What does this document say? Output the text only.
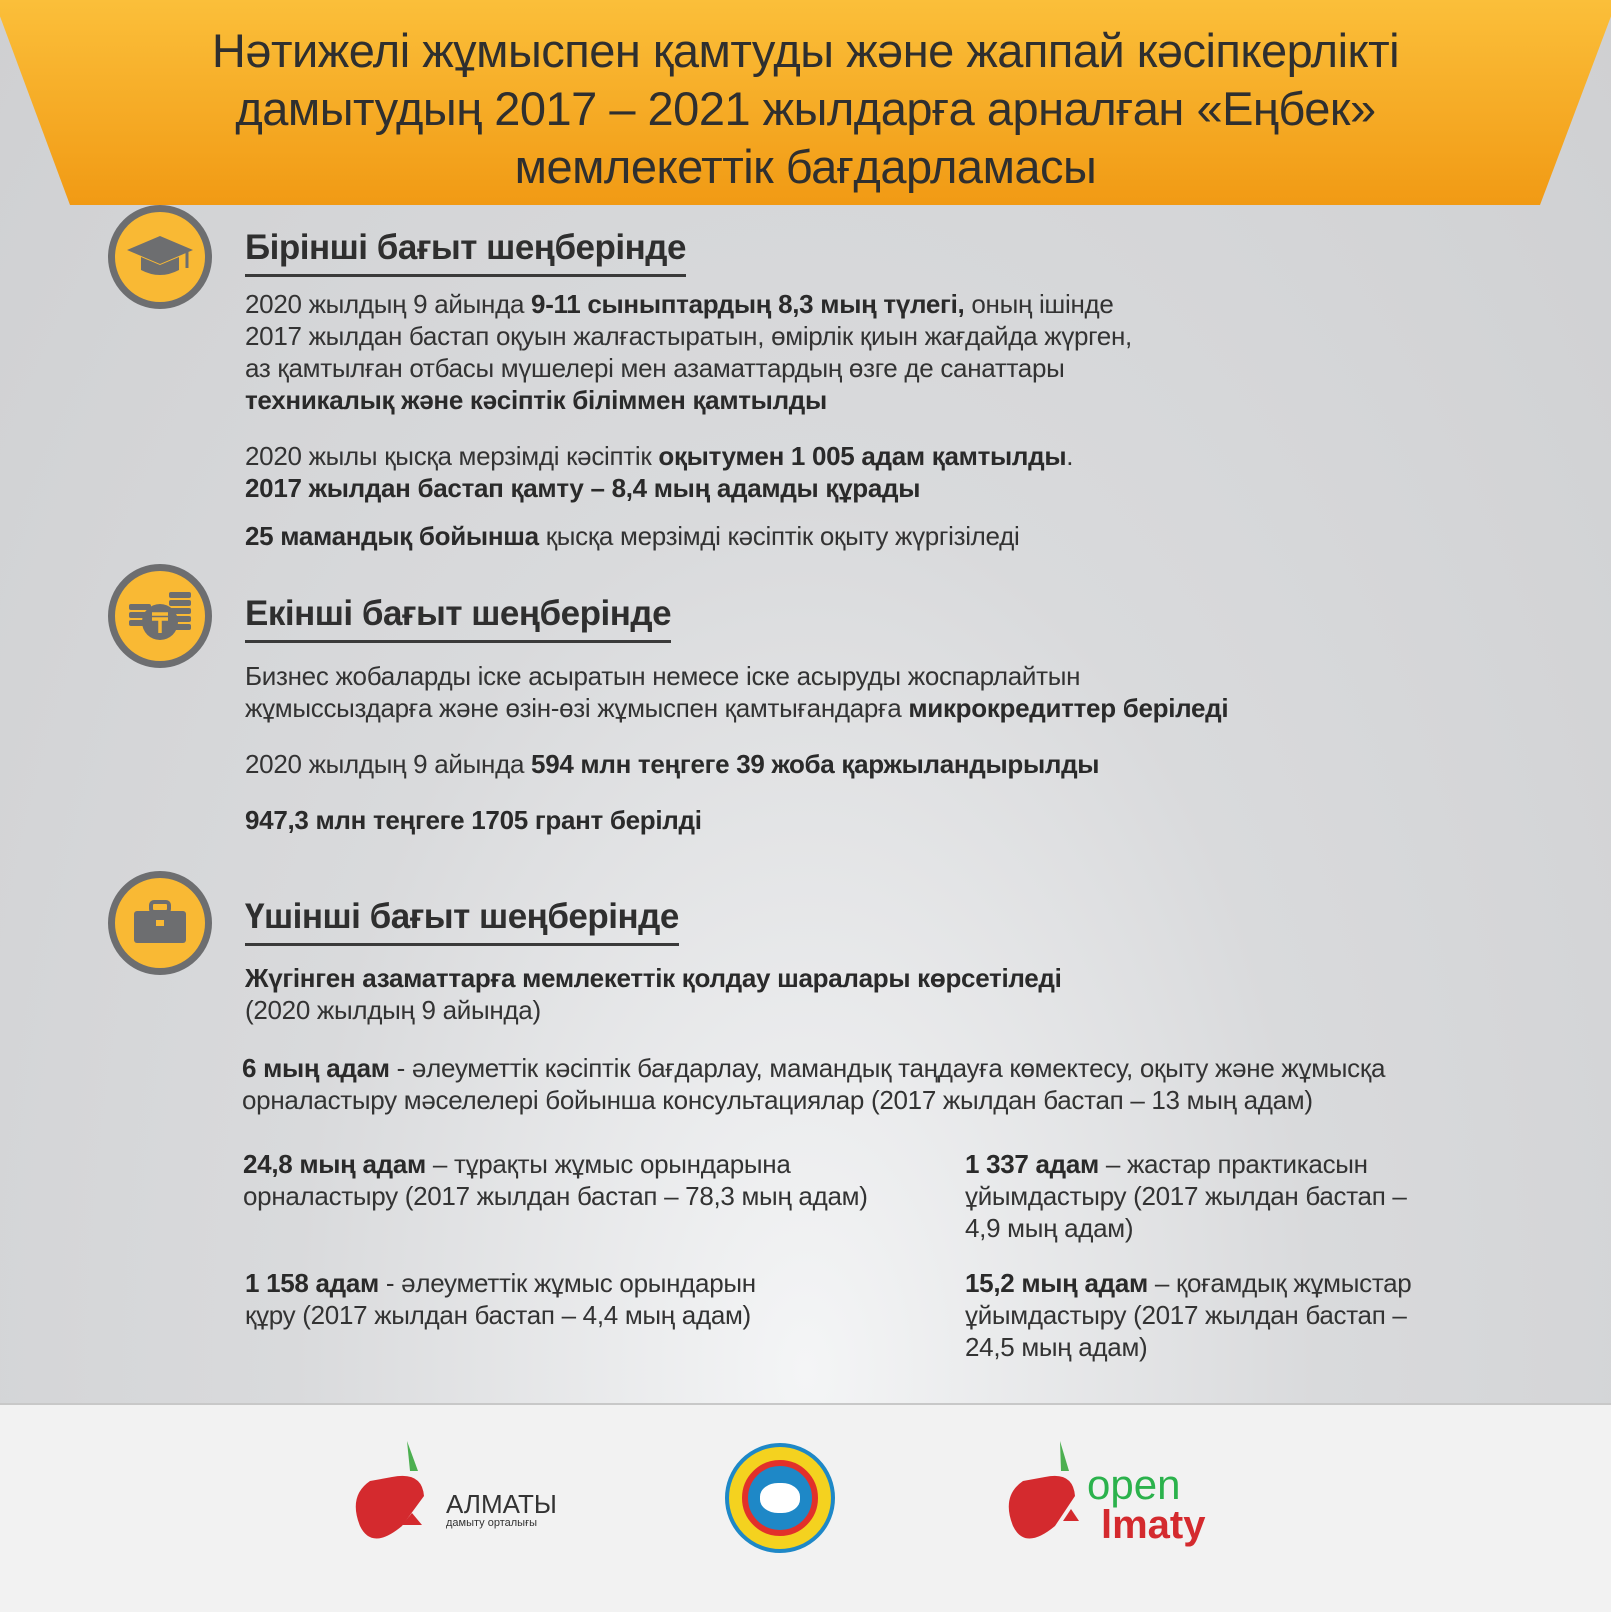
Нәтижелі жұмыспен қамтуды және жаппай кәсіпкерлікті
дамытудың 2017 – 2021 жылдарға арналған «Еңбек»
мемлекеттік бағдарламасы
Бірінші бағыт шеңберінде
2020 жылдың 9 айында 9-11 сыныптардың 8,3 мың түлегі, оның ішінде
2017 жылдан бастап оқуын жалғастыратын, өмірлік қиын жағдайда жүрген,
аз қамтылған отбасы мүшелері мен азаматтардың өзге де санаттары
техникалық және кәсіптік біліммен қамтылды
2020 жылы қысқа мерзімді кәсіптік оқытумен 1 005 адам қамтылды.
2017 жылдан бастап қамту – 8,4 мың адамды құрады
25 мамандық бойынша қысқа мерзімді кәсіптік оқыту жүргізіледі
Екінші бағыт шеңберінде
Бизнес жобаларды іске асыратын немесе іске асыруды жоспарлайтын
жұмыссыздарға және өзін-өзі жұмыспен қамтығандарға микрокредиттер беріледі
2020 жылдың 9 айында 594 млн теңгеге 39 жоба қаржыландырылды
947,3 млн теңгеге 1705 грант берілді
Үшінші бағыт шеңберінде
Жүгінген азаматтарға мемлекеттік қолдау шаралары көрсетіледі
(2020 жылдың 9 айында)
6 мың адам - әлеуметтік кәсіптік бағдарлау, мамандық таңдауға көмектесу, оқыту және жұмысқа
орналастыру мәселелері бойынша консультациялар (2017 жылдан бастап – 13 мың адам)
24,8 мың адам – тұрақты жұмыс орындарына
орналастыру (2017 жылдан бастап – 78,3 мың адам)
1 337 адам – жастар практикасын
ұйымдастыру (2017 жылдан бастап –
4,9 мың адам)
1 158 адам - әлеуметтік жұмыс орындарын
құру (2017 жылдан бастап – 4,4 мың адам)
15,2 мың адам – қоғамдық жұмыстар
ұйымдастыру (2017 жылдан бастап –
24,5 мың адам)
АЛМАТЫ
дамыту орталығы
open
lmaty
